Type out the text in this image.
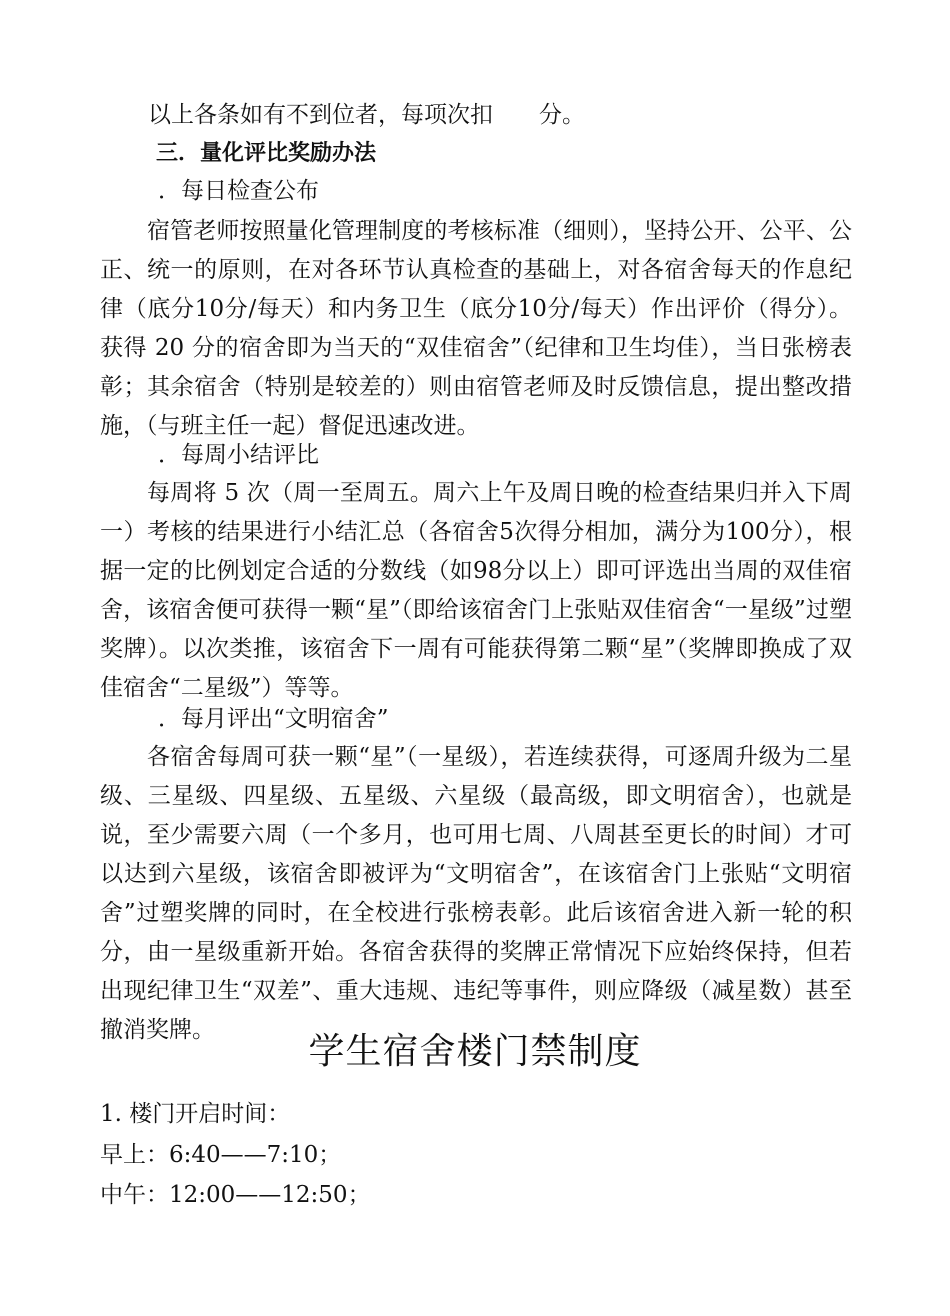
以上各条如有不到位者，每项次扣 分。
三．量化评比奖励办法
．每日检查公布
宿管老师按照量化管理制度的考核标准（细则），坚持公开、公平、公正、统一的原则，在对各环节认真检查的基础上，对各宿舍每天的作息纪律（底分10分/每天）和内务卫生（底分10分/每天）作出评价（得分）。获得 20 分的宿舍即为当天的“双佳宿舍”（纪律和卫生均佳），当日张榜表彰；其余宿舍（特别是较差的）则由宿管老师及时反馈信息，提出整改措施，（与班主任一起）督促迅速改进。
．每周小结评比
每周将 5 次（周一至周五。周六上午及周日晚的检查结果归并入下周一）考核的结果进行小结汇总（各宿舍5次得分相加，满分为100分），根据一定的比例划定合适的分数线（如98分以上）即可评选出当周的双佳宿舍，该宿舍便可获得一颗“星”（即给该宿舍门上张贴双佳宿舍“一星级”过塑奖牌）。以次类推，该宿舍下一周有可能获得第二颗“星”（奖牌即换成了双佳宿舍“二星级”）等等。
．每月评出“文明宿舍”
各宿舍每周可获一颗“星”（一星级），若连续获得，可逐周升级为二星级、三星级、四星级、五星级、六星级（最高级，即文明宿舍），也就是说，至少需要六周（一个多月，也可用七周、八周甚至更长的时间）才可以达到六星级，该宿舍即被评为“文明宿舍”，在该宿舍门上张贴“文明宿舍”过塑奖牌的同时，在全校进行张榜表彰。此后该宿舍进入新一轮的积分，由一星级重新开始。各宿舍获得的奖牌正常情况下应始终保持，但若出现纪律卫生“双差”、重大违规、违纪等事件，则应降级（减星数）甚至撤消奖牌。
学生宿舍楼门禁制度
1. 楼门开启时间：
早上：6:40——7:10；
中午：12:00——12:50；
